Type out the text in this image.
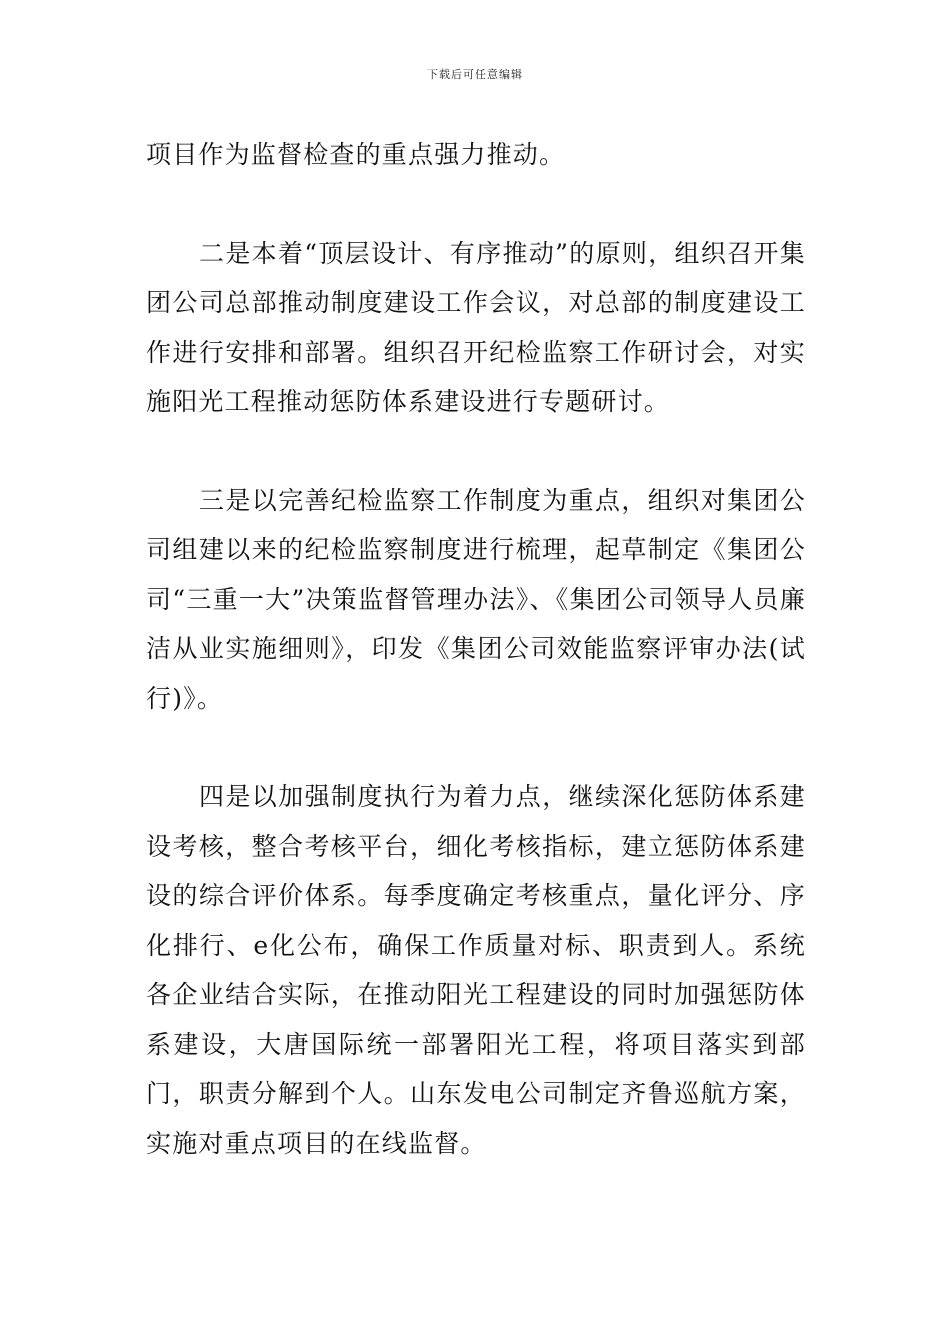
下载后可任意编辑

项目作为监督检查的重点强力推动。

二是本着“顶层设计、有序推动”的原则，组织召开集团公司总部推动制度建设工作会议，对总部的制度建设工作进行安排和部署。组织召开纪检监察工作研讨会，对实施阳光工程推动惩防体系建设进行专题研讨。

三是以完善纪检监察工作制度为重点，组织对集团公司组建以来的纪检监察制度进行梳理，起草制定《集团公司“三重一大”决策监督管理办法》、《集团公司领导人员廉洁从业实施细则》，印发《集团公司效能监察评审办法(试行)》。

四是以加强制度执行为着力点，继续深化惩防体系建设考核，整合考核平台，细化考核指标，建立惩防体系建设的综合评价体系。每季度确定考核重点，量化评分、序化排行、e化公布，确保工作质量对标、职责到人。系统各企业结合实际，在推动阳光工程建设的同时加强惩防体系建设，大唐国际统一部署阳光工程，将项目落实到部门，职责分解到个人。山东发电公司制定齐鲁巡航方案，实施对重点项目的在线监督。
